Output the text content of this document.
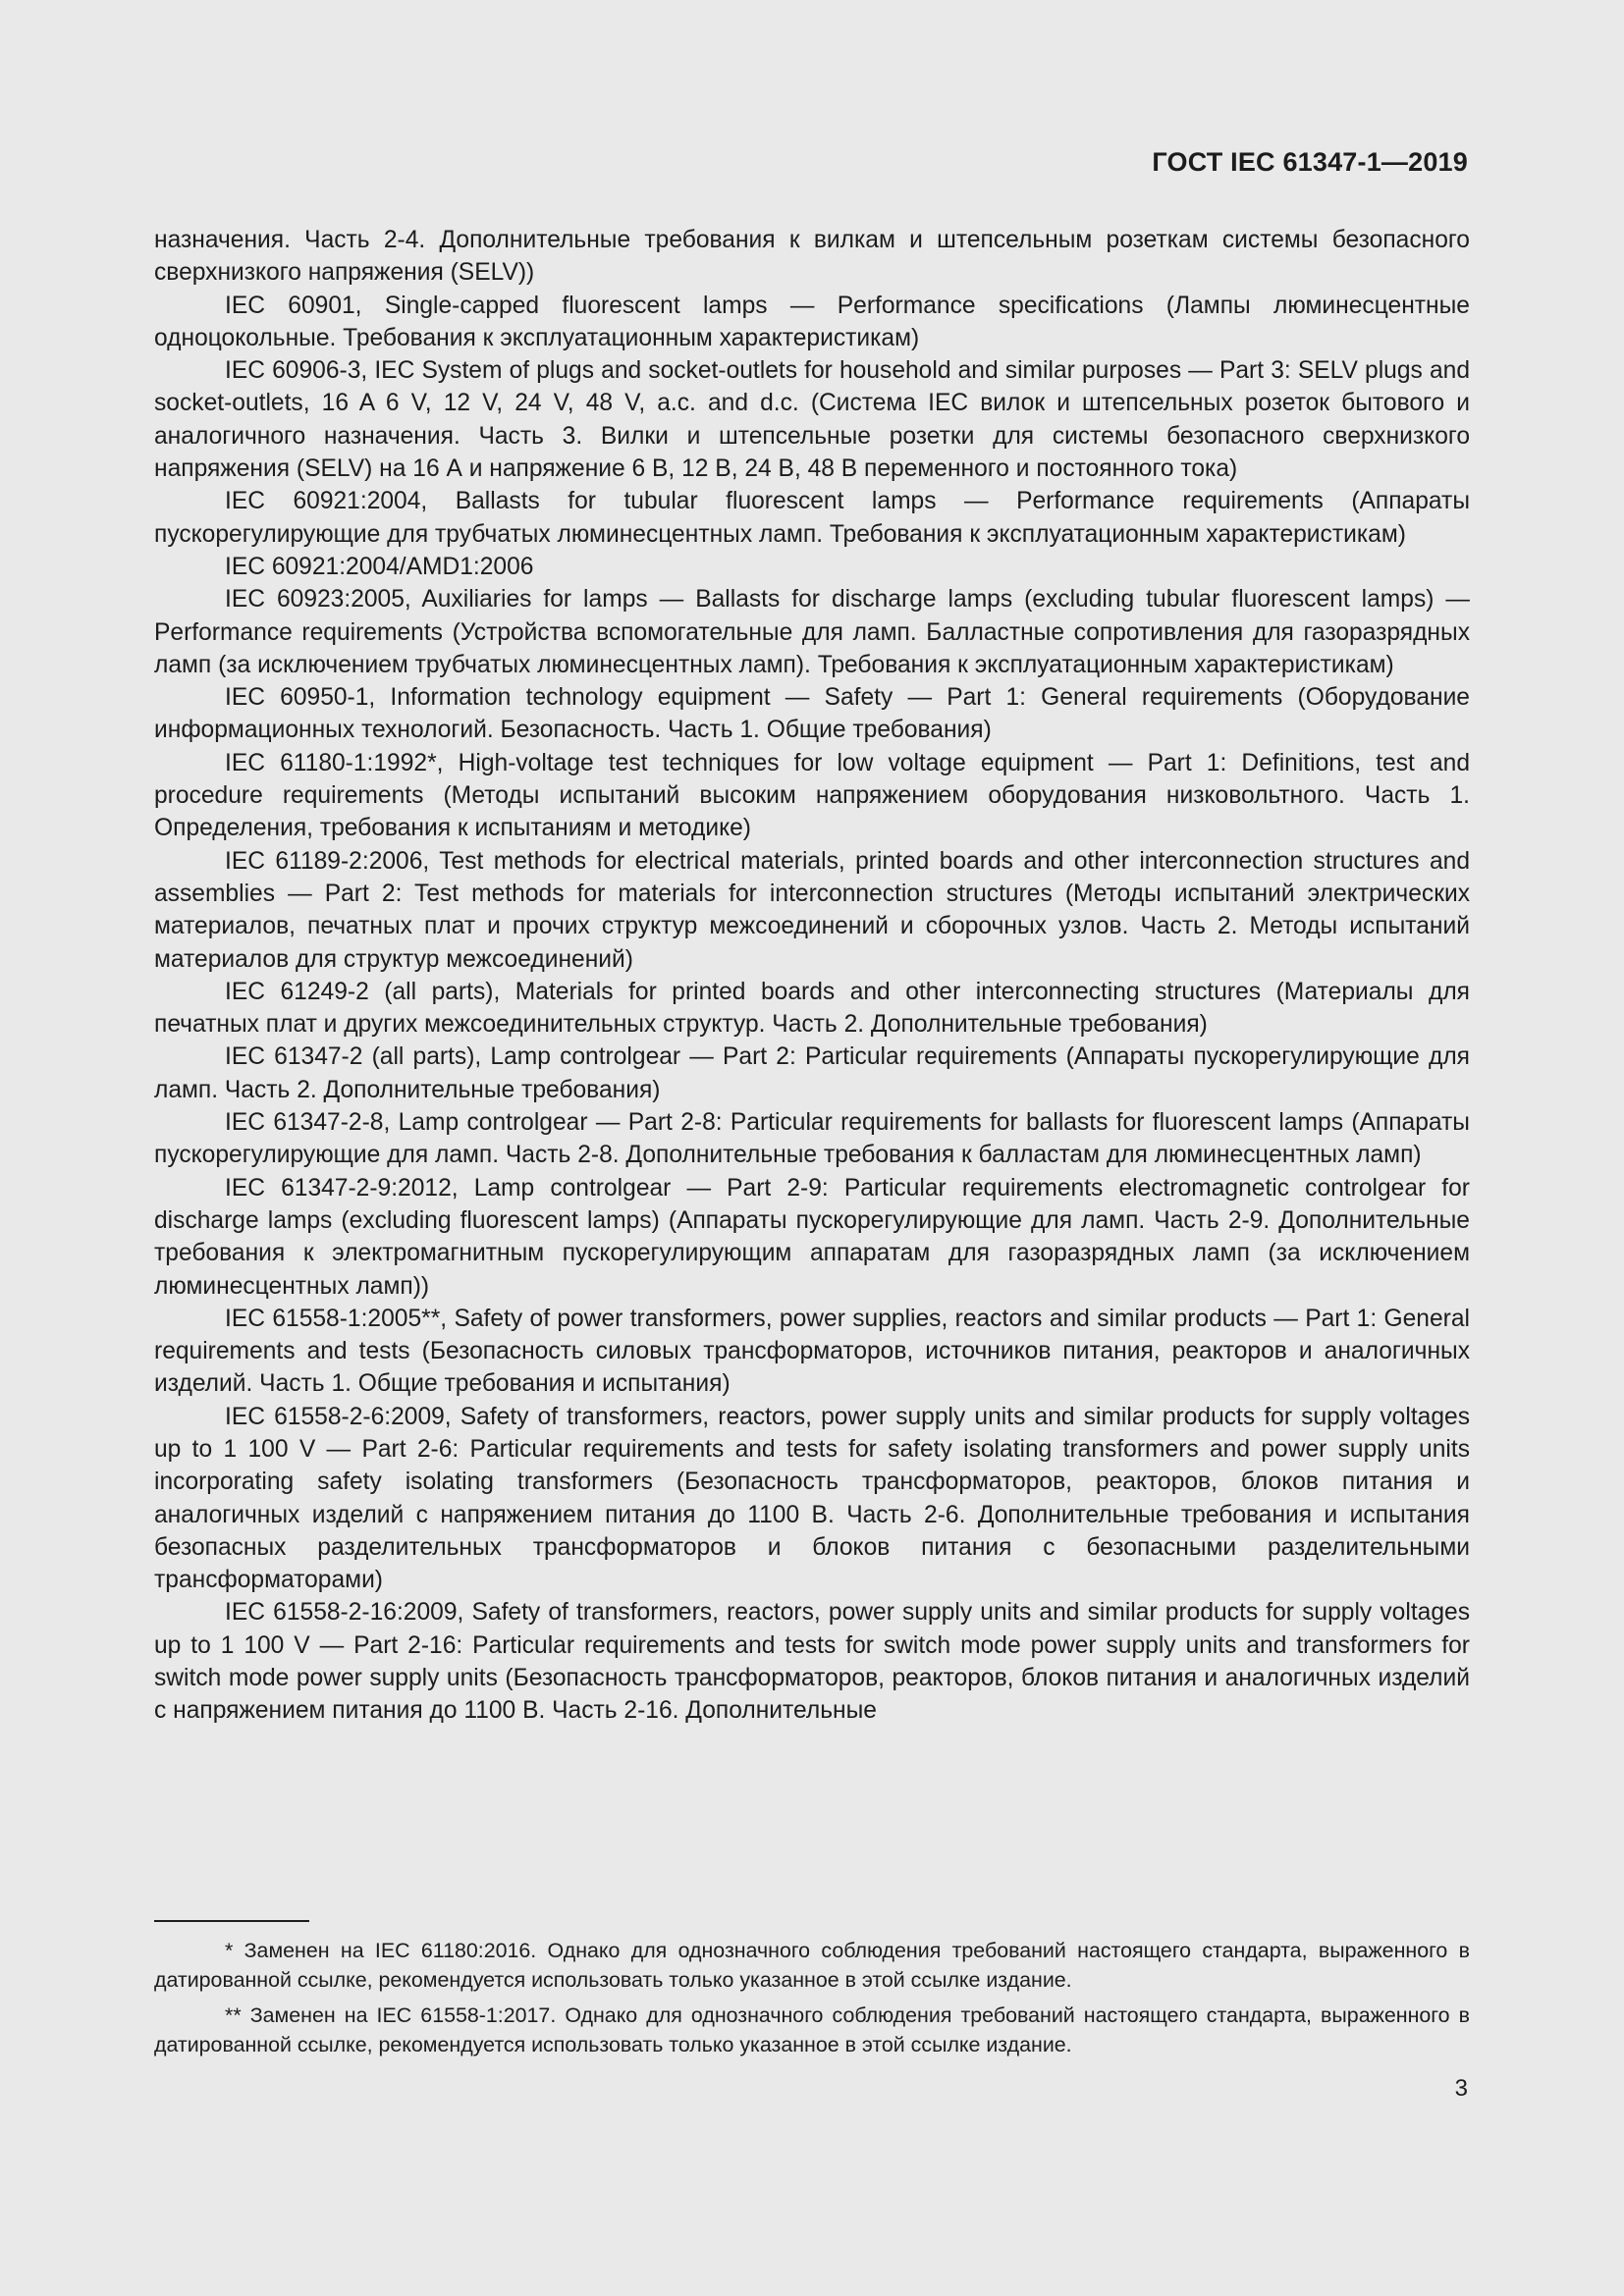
ГОСТ IEC 61347-1—2019

назначения. Часть 2-4. Дополнительные требования к вилкам и штепсельным розеткам системы безопасного сверхнизкого напряжения (SELV))

IEC 60901, Single-capped fluorescent lamps — Performance specifications (Лампы люминесцентные одноцокольные. Требования к эксплуатационным характеристикам)

IEC 60906-3, IEC System of plugs and socket-outlets for household and similar purposes — Part 3: SELV plugs and socket-outlets, 16 A 6 V, 12 V, 24 V, 48 V, a.c. and d.c. (Система IEC вилок и штепсельных розеток бытового и аналогичного назначения. Часть 3. Вилки и штепсельные розетки для системы безопасного сверхнизкого напряжения (SELV) на 16 А и напряжение 6 В, 12 В, 24 В, 48 В переменного и постоянного тока)

IEC 60921:2004, Ballasts for tubular fluorescent lamps — Performance requirements (Аппараты пускорегулирующие для трубчатых люминесцентных ламп. Требования к эксплуатационным характеристикам)

IEC 60921:2004/AMD1:2006

IEC 60923:2005, Auxiliaries for lamps — Ballasts for discharge lamps (excluding tubular fluorescent lamps) — Performance requirements (Устройства вспомогательные для ламп. Балластные сопротивления для газоразрядных ламп (за исключением трубчатых люминесцентных ламп). Требования к эксплуатационным характеристикам)

IEC 60950-1, Information technology equipment — Safety — Part 1: General requirements (Оборудование информационных технологий. Безопасность. Часть 1. Общие требования)

IEC 61180-1:1992*, High-voltage test techniques for low voltage equipment — Part 1: Definitions, test and procedure requirements (Методы испытаний высоким напряжением оборудования низковольтного. Часть 1. Определения, требования к испытаниям и методике)

IEC 61189-2:2006, Test methods for electrical materials, printed boards and other interconnection structures and assemblies — Part 2: Test methods for materials for interconnection structures (Методы испытаний электрических материалов, печатных плат и прочих структур межсоединений и сборочных узлов. Часть 2. Методы испытаний материалов для структур межсоединений)

IEC 61249-2 (all parts), Materials for printed boards and other interconnecting structures (Материалы для печатных плат и других межсоединительных структур. Часть 2. Дополнительные требования)

IEC 61347-2 (all parts), Lamp controlgear — Part 2: Particular requirements (Аппараты пускорегулирующие для ламп. Часть 2. Дополнительные требования)

IEC 61347-2-8, Lamp controlgear — Part 2-8: Particular requirements for ballasts for fluorescent lamps (Аппараты пускорегулирующие для ламп. Часть 2-8. Дополнительные требования к балластам для люминесцентных ламп)

IEC 61347-2-9:2012, Lamp controlgear — Part 2-9: Particular requirements electromagnetic controlgear for discharge lamps (excluding fluorescent lamps) (Аппараты пускорегулирующие для ламп. Часть 2-9. Дополнительные требования к электромагнитным пускорегулирующим аппаратам для газоразрядных ламп (за исключением люминесцентных ламп))

IEC 61558-1:2005**, Safety of power transformers, power supplies, reactors and similar products — Part 1: General requirements and tests (Безопасность силовых трансформаторов, источников питания, реакторов и аналогичных изделий. Часть 1. Общие требования и испытания)

IEC 61558-2-6:2009, Safety of transformers, reactors, power supply units and similar products for supply voltages up to 1 100 V — Part 2-6: Particular requirements and tests for safety isolating transformers and power supply units incorporating safety isolating transformers (Безопасность трансформаторов, реакторов, блоков питания и аналогичных изделий с напряжением питания до 1100 В. Часть 2-6. Дополнительные требования и испытания безопасных разделительных трансформаторов и блоков питания с безопасными разделительными трансформаторами)

IEC 61558-2-16:2009, Safety of transformers, reactors, power supply units and similar products for supply voltages up to 1 100 V — Part 2-16: Particular requirements and tests for switch mode power supply units and transformers for switch mode power supply units (Безопасность трансформаторов, реакторов, блоков питания и аналогичных изделий с напряжением питания до 1100 В. Часть 2-16. Дополнительные

* Заменен на IEC 61180:2016. Однако для однозначного соблюдения требований настоящего стандарта, выраженного в датированной ссылке, рекомендуется использовать только указанное в этой ссылке издание.

** Заменен на IEC 61558-1:2017. Однако для однозначного соблюдения требований настоящего стандарта, выраженного в датированной ссылке, рекомендуется использовать только указанное в этой ссылке издание.

3
